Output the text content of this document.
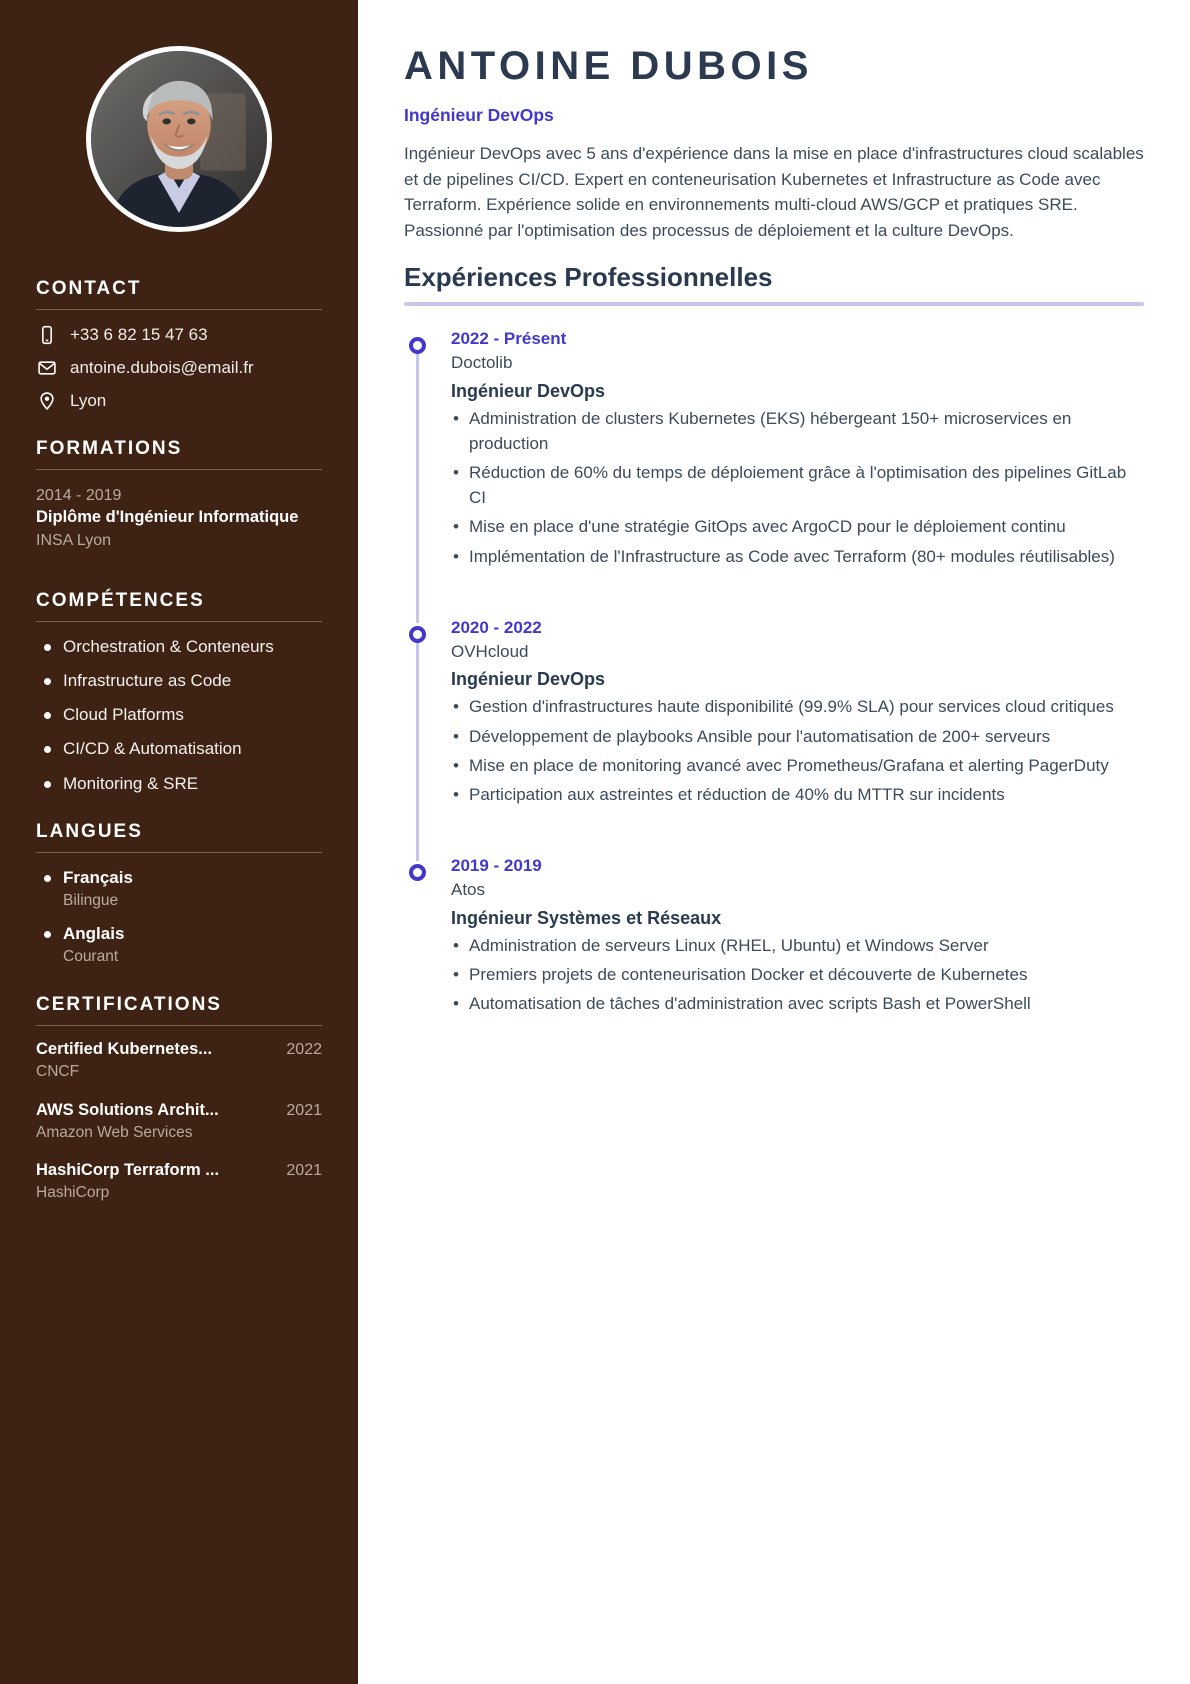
CONTACT
+33 6 82 15 47 63
antoine.dubois@email.fr
Lyon
FORMATIONS
2014 - 2019
Diplôme d'Ingénieur Informatique
INSA Lyon
COMPÉTENCES
Orchestration & Conteneurs
Infrastructure as Code
Cloud Platforms
CI/CD & Automatisation
Monitoring & SRE
LANGUES
Français
Bilingue
Anglais
Courant
CERTIFICATIONS
Certified Kubernetes...	2022
CNCF
AWS Solutions Archit...	2021
Amazon Web Services
HashiCorp Terraform ...	2021
HashiCorp
ANTOINE DUBOIS
Ingénieur DevOps

Ingénieur DevOps avec 5 ans d'expérience dans la mise en place d'infrastructures cloud scalables et de pipelines CI/CD. Expert en conteneurisation Kubernetes et Infrastructure as Code avec Terraform. Expérience solide en environnements multi-cloud AWS/GCP et pratiques SRE. Passionné par l'optimisation des processus de déploiement et la culture DevOps.

Expériences Professionnelles
2022 - Présent
Doctolib
Ingénieur DevOps
• Administration de clusters Kubernetes (EKS) hébergeant 150+ microservices en production
• Réduction de 60% du temps de déploiement grâce à l'optimisation des pipelines GitLab CI
• Mise en place d'une stratégie GitOps avec ArgoCD pour le déploiement continu
• Implémentation de l'Infrastructure as Code avec Terraform (80+ modules réutilisables)
2020 - 2022
OVHcloud
Ingénieur DevOps
• Gestion d'infrastructures haute disponibilité (99.9% SLA) pour services cloud critiques
• Développement de playbooks Ansible pour l'automatisation de 200+ serveurs
• Mise en place de monitoring avancé avec Prometheus/Grafana et alerting PagerDuty
• Participation aux astreintes et réduction de 40% du MTTR sur incidents
2019 - 2019
Atos
Ingénieur Systèmes et Réseaux
• Administration de serveurs Linux (RHEL, Ubuntu) et Windows Server
• Premiers projets de conteneurisation Docker et découverte de Kubernetes
• Automatisation de tâches d'administration avec scripts Bash et PowerShell
